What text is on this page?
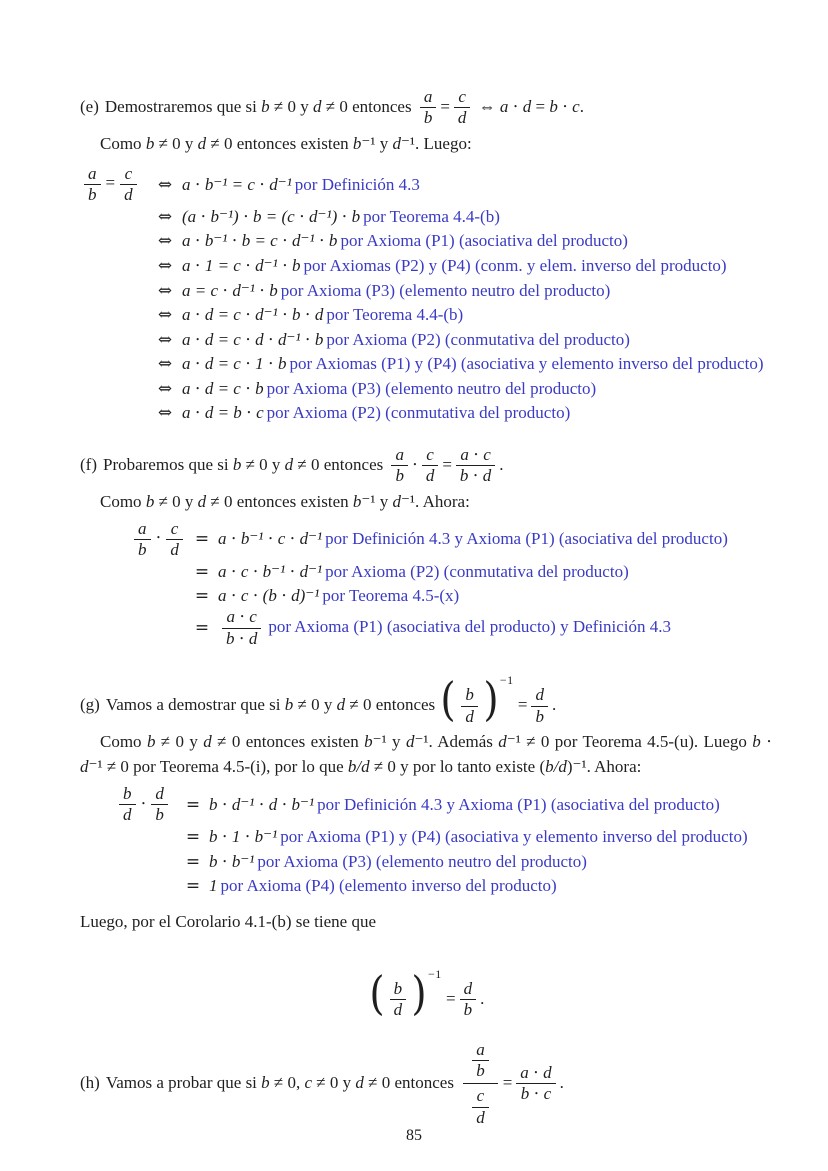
(e) Demostraremos que si b ≠ 0 y d ≠ 0 entonces $\frac{a}{b} = \frac{c}{d}$ ⇔ a ⋅ d = b ⋅ c.
Como b ≠ 0 y d ≠ 0 entonces existen b⁻¹ y d⁻¹. Luego:
$\frac{a}{b} = \frac{c}{d}$	⇔ a ⋅ b⁻¹ = c ⋅ d⁻¹ por Definición 4.3
⇔ (a ⋅ b⁻¹) ⋅ b = (c ⋅ d⁻¹) ⋅ b por Teorema 4.4-(b)
⇔ a ⋅ b⁻¹ ⋅ b = c ⋅ d⁻¹ ⋅ b por Axioma (P1) (asociativa del producto)
⇔ a ⋅ 1 = c ⋅ d⁻¹ ⋅ b por Axiomas (P2) y (P4) (conm. y elem. inverso del producto)
⇔ a = c ⋅ d⁻¹ ⋅ b por Axioma (P3) (elemento neutro del producto)
⇔ a ⋅ d = c ⋅ d⁻¹ ⋅ b ⋅ d por Teorema 4.4-(b)
⇔ a ⋅ d = c ⋅ d ⋅ d⁻¹ ⋅ b por Axioma (P2) (conmutativa del producto)
⇔ a ⋅ d = c ⋅ 1 ⋅ b por Axiomas (P1) y (P4) (asociativa y elemento inverso del producto)
⇔ a ⋅ d = c ⋅ b por Axioma (P3) (elemento neutro del producto)
⇔ a ⋅ d = b ⋅ c por Axioma (P2) (conmutativa del producto)
(f) Probaremos que si b ≠ 0 y d ≠ 0 entonces $\frac{a}{b} \cdot \frac{c}{d} = \frac{a \cdot c}{b \cdot d}$ .
Como b ≠ 0 y d ≠ 0 entonces existen b⁻¹ y d⁻¹. Ahora:
$\frac{a}{b} \cdot \frac{c}{d} = a \cdot b^{-1} \cdot c \cdot d^{-1}$ por Definición 4.3 y Axioma (P1) (asociativa del producto)
= a ⋅ c ⋅ b⁻¹ ⋅ d⁻¹ por Axioma (P2) (conmutativa del producto)
= a ⋅ c ⋅ (b ⋅ d)⁻¹ por Teorema 4.5-(x)
= $\frac{a \cdot c}{b \cdot d}$ por Axioma (P1) (asociativa del producto) y Definición 4.3
(g) Vamos a demostrar que si b ≠ 0 y d ≠ 0 entonces ( $\frac{b}{d} )^{-1} = \frac{d}{b}$ .
Como b ≠ 0 y d ≠ 0 entonces existen b⁻¹ y d⁻¹. Además d⁻¹ ≠ 0 por Teorema 4.5-(u). Luego b ⋅ d⁻¹ ≠ 0 por Teorema 4.5-(i), por lo que b/d ≠ 0 y por lo tanto existe (b/d)⁻¹. Ahora:
$\frac{b}{d} \cdot \frac{d}{b}$	= b ⋅ d⁻¹ ⋅ d ⋅ b⁻¹ por Definición 4.3 y Axioma (P1) (asociativa del producto)
= b ⋅ 1 ⋅ b⁻¹ por Axioma (P1) y (P4) (asociativa y elemento inverso del producto)
= b ⋅ b⁻¹ por Axioma (P3) (elemento neutro del producto)
= 1 por Axioma (P4) (elemento inverso del producto)
Luego, por el Corolario 4.1-(b) se tiene que
( $\frac{b}{d} )^{-1} = \frac{d}{b}$ .
(h) Vamos a probar que si b ≠ 0, c ≠ 0 y d ≠ 0 entonces $\frac{\frac{a}{b}}{\frac{c}{d}} = \frac{a \cdot d}{b \cdot c}$ .
85
